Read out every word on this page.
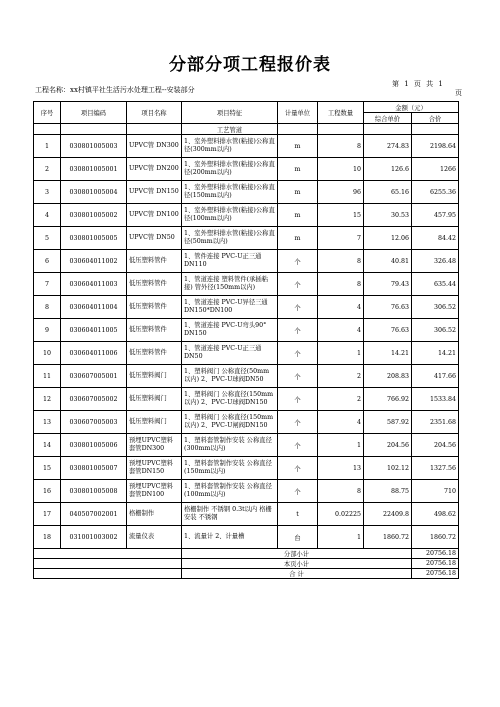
分部分项工程报价表
工程名称：xx村镇平社生活污水处理工程--安装部分
第 1 页 共 1
页
序号	项目编码	项目名称	项目特征	计量单位	工程数量	金额（元）	
						综合单价	合价
			工艺管道				
1	030801005003	UPVC管 DN300	1、室外塑料排水管(粘接)公称直径(300mm以内)	m	8	274.83	2198.64
2	030801005001	UPVC管 DN200	1、室外塑料排水管(粘接)公称直径(200mm以内)	m	10	126.6	1266
3	030801005004	UPVC管 DN150	1、室外塑料排水管(粘接)公称直径(150mm以内)	m	96	65.16	6255.36
4	030801005002	UPVC管 DN100	1、室外塑料排水管(粘接)公称直径(100mm以内)	m	15	30.53	457.95
5	030801005005	UPVC管 DN50	1、室外塑料排水管(粘接)公称直径(50mm以内)	m	7	12.06	84.42
6	030604011002	低压塑料管件	1、管件连接 PVC-U正三通DN110	个	8	40.81	326.48
7	030604011003	低压塑料管件	1、管道连接 塑料管件(承插粘接) 管外径(150mm以内)	个	8	79.43	635.44
8	030604011004	低压塑料管件	1、管道连接 PVC-U异径三通 DN150*DN100	个	4	76.63	306.52
9	030604011005	低压塑料管件	1、管道连接 PVC-U弯头90° DN150	个	4	76.63	306.52
10	030604011006	低压塑料管件	1、管道连接 PVC-U正三通DN50	个	1	14.21	14.21
11	030607005001	低压塑料阀门	1、塑料阀门 公称直径(50mm以内) 2、PVC-U球阀DN50	个	2	208.83	417.66
12	030607005002	低压塑料阀门	1、塑料阀门 公称直径(150mm以内) 2、PVC-U球阀DN150	个	2	766.92	1533.84
13	030607005003	低压塑料阀门	1、塑料阀门 公称直径(150mm以内) 2、PVC-U闸阀DN150	个	4	587.92	2351.68
14	030801005006	预埋UPVC塑料套管DN300	1、塑料套管制作安装 公称直径(300mm以内)	个	1	204.56	204.56
15	030801005007	预埋UPVC塑料套管DN150	1、塑料套管制作安装 公称直径(150mm以内)	个	13	102.12	1327.56
16	030801005008	预埋UPVC塑料套管DN100	1、塑料套管制作安装 公称直径(100mm以内)	个	8	88.75	710
17	040507002001	格栅制作	格栅制作 不锈钢 0.3t以内 格栅安装 不锈钢	t	0.02225	22409.8	498.62
18	031001003002	流量仪表	1、流量计 2、计量槽	台	1	1860.72	1860.72
			分部小计				20756.18
			本页小计				20756.18
			合 计				20756.18
